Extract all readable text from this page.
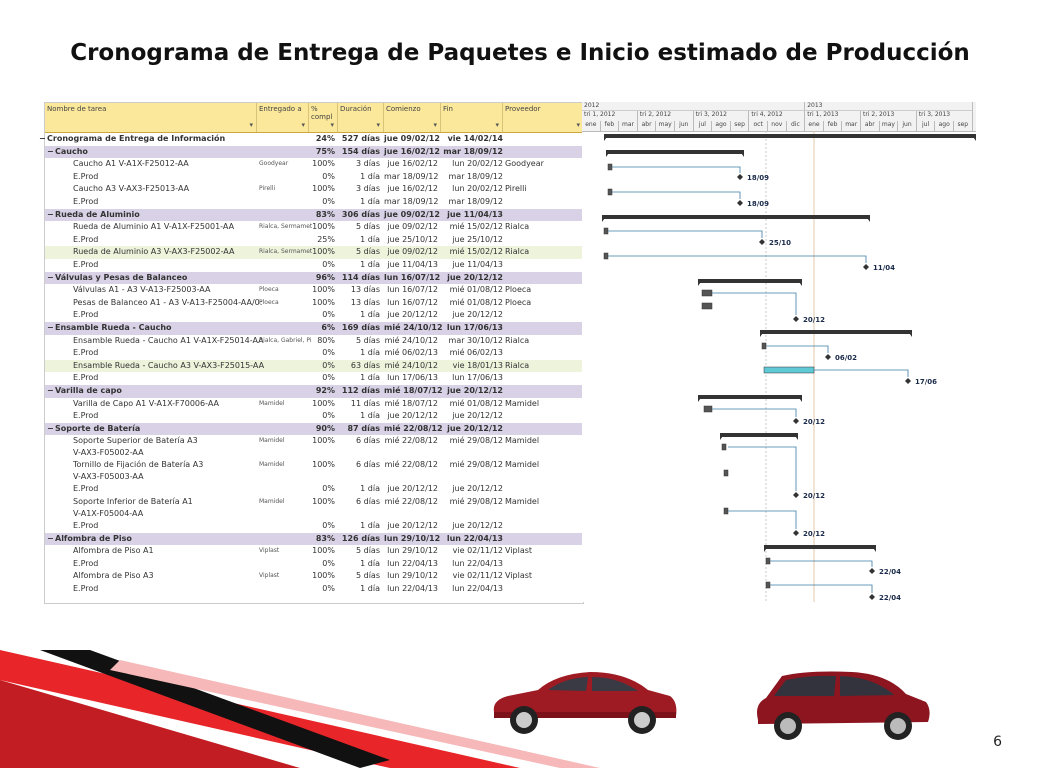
Cronograma de Entrega de Paquetes e Inicio estimado de Producción
Nombre de tarea ▾	Entregado a ▾	% compl ▾
Duración ▾	Comienzo ▾	Fin ▾	Proveedor ▾
Cronograma de Entrega de Información
−	24% 527 días jue 09/02/12 vie 14/02/14
Caucho
−	75% 154 días jue 16/02/12 mar 18/09/12
Caucho A1 V-A1X-F25012-AA	Goodyear	100%	3 días jue 16/02/12	lun 20/02/12 Goodyear
E.Prod	0%	1 día mar 18/09/12	mar 18/09/12
Caucho A3 V-AX3-F25013-AA	Pirelli	100%	3 días jue 16/02/12	lun 20/02/12 Pirelli
E.Prod	0%	1 día mar 18/09/12	mar 18/09/12
Rueda de Aluminio
−	83% 306 días jue 09/02/12 jue 11/04/13
Rueda de Aluminio A1 V-A1X-F25001-AA	Rialca, Sermamet 100%	5 días jue 09/02/12	mié 15/02/12 Rialca
E.Prod	25%	1 día jue 25/10/12	jue 25/10/12
Rueda de Aluminio A3 V-AX3-F25002-AA	Rialca, Sermamet 100%	5 días jue 09/02/12	mié 15/02/12 Rialca
E.Prod	0%	1 día jue 11/04/13	jue 11/04/13
Válvulas y Pesas de Balanceo
−	96% 114 días lun 16/07/12 jue 20/12/12
Válvulas A1 - A3 V-A13-F25003-AA	Ploeca	100%	13 días lun 16/07/12	mié 01/08/12 Ploeca
Pesas de Balanceo A1 - A3 V-A13-F25004-AA/0:
Ploeca	100%	13 días lun 16/07/12	mié 01/08/12 Ploeca
E.Prod	0%	1 día jue 20/12/12	jue 20/12/12
Ensamble Rueda - Caucho
−	6% 169 días mié 24/10/12 lun 17/06/13
Ensamble Rueda - Caucho A1 V-A1X-F25014-AA
Rialca, Gabriel, Pi 80%	5 días mié 24/10/12	mar 30/10/12 Rialca
E.Prod	0%	1 día mié 06/02/13	mié 06/02/13
Ensamble Rueda - Caucho A3 V-AX3-F25015-AA	0%	63 días mié 24/10/12	vie 18/01/13 Rialca
E.Prod	0%	1 día lun 17/06/13	lun 17/06/13
Varilla de capo
−	92% 112 días mié 18/07/12 jue 20/12/12
Varilla de Capo A1 V-A1X-F70006-AA	Mamidel	100%	11 días mié 18/07/12	mié 01/08/12 Mamidel
E.Prod	0%	1 día jue 20/12/12	jue 20/12/12
Soporte de Batería
−	90%	87 días mié 22/08/12 jue 20/12/12
Soporte Superior de Batería A3
V-AX3-F05002-AA
Mamidel	100%	6 días mié 22/08/12	mié 29/08/12 Mamidel
Tornillo de Fijación de Batería A3
V-AX3-F05003-AA
Mamidel	100%	6 días mié 22/08/12	mié 29/08/12 Mamidel
E.Prod	0%	1 día jue 20/12/12	jue 20/12/12
Soporte Inferior de Batería A1
V-A1X-F05004-AA
Mamidel	100%	6 días mié 22/08/12	mié 29/08/12 Mamidel
E.Prod	0%	1 día jue 20/12/12	jue 20/12/12
Alfombra de Piso
−	83% 126 días lun 29/10/12 lun 22/04/13
Alfombra de Piso A1	Viplast	100%	5 días lun 29/10/12	vie 02/11/12 Viplast
E.Prod	0%	1 día lun 22/04/13	lun 22/04/13
Alfombra de Piso A3	Viplast	100%	5 días lun 29/10/12	vie 02/11/12 Viplast
E.Prod	0%	1 día lun 22/04/13	lun 22/04/13
2012	2013
tri 1, 2012	tri 2, 2012	tri 3, 2012	tri 4, 2012	tri 1, 2013	tri 2, 2013	tri 3, 2013
ene	feb	mar	abr	may	jun	jul	ago	sep	oct	nov	dic	ene	feb	mar	abr	may	jun	jul	ago	sep
18/09
18/09
25/10
11/04
20/12
06/02
17/06
20/12
20/12
20/12
22/04
22/04
6
